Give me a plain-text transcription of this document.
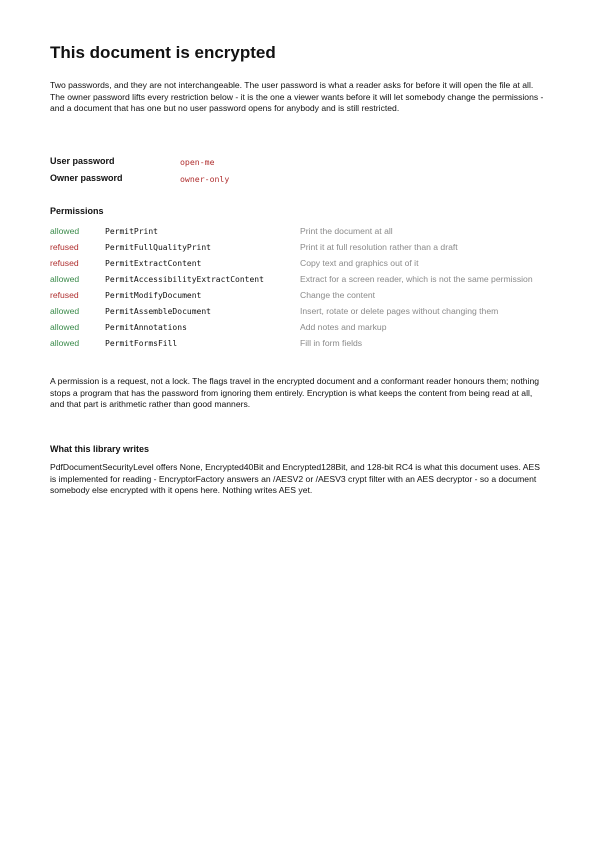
This document is encrypted

Two passwords, and they are not interchangeable. The user password is what a reader asks for before it will open the file at all. The owner password lifts every restriction below - it is the one a viewer wants before it will let somebody change the permissions - and a document that has one but no user password opens for anybody and is still restricted.

User password	open-me
Owner password	owner-only
Permissions
allowed	PermitPrint	Print the document at all
refused	PermitFullQualityPrint	Print it at full resolution rather than a draft
refused	PermitExtractContent	Copy text and graphics out of it
allowed	PermitAccessibilityExtractContent	Extract for a screen reader, which is not the same permission
refused	PermitModifyDocument	Change the content
allowed	PermitAssembleDocument	Insert, rotate or delete pages without changing them
allowed	PermitAnnotations	Add notes and markup
allowed	PermitFormsFill	Fill in form fields

A permission is a request, not a lock. The flags travel in the encrypted document and a conformant reader honours them; nothing stops a program that has the password from ignoring them entirely. Encryption is what keeps the content from being read at all, and that part is arithmetic rather than good manners.

What this library writes

PdfDocumentSecurityLevel offers None, Encrypted40Bit and Encrypted128Bit, and 128-bit RC4 is what this document uses. AES is implemented for reading - EncryptorFactory answers an /AESV2 or /AESV3 crypt filter with an AES decryptor - so a document somebody else encrypted with it opens here. Nothing writes AES yet.
